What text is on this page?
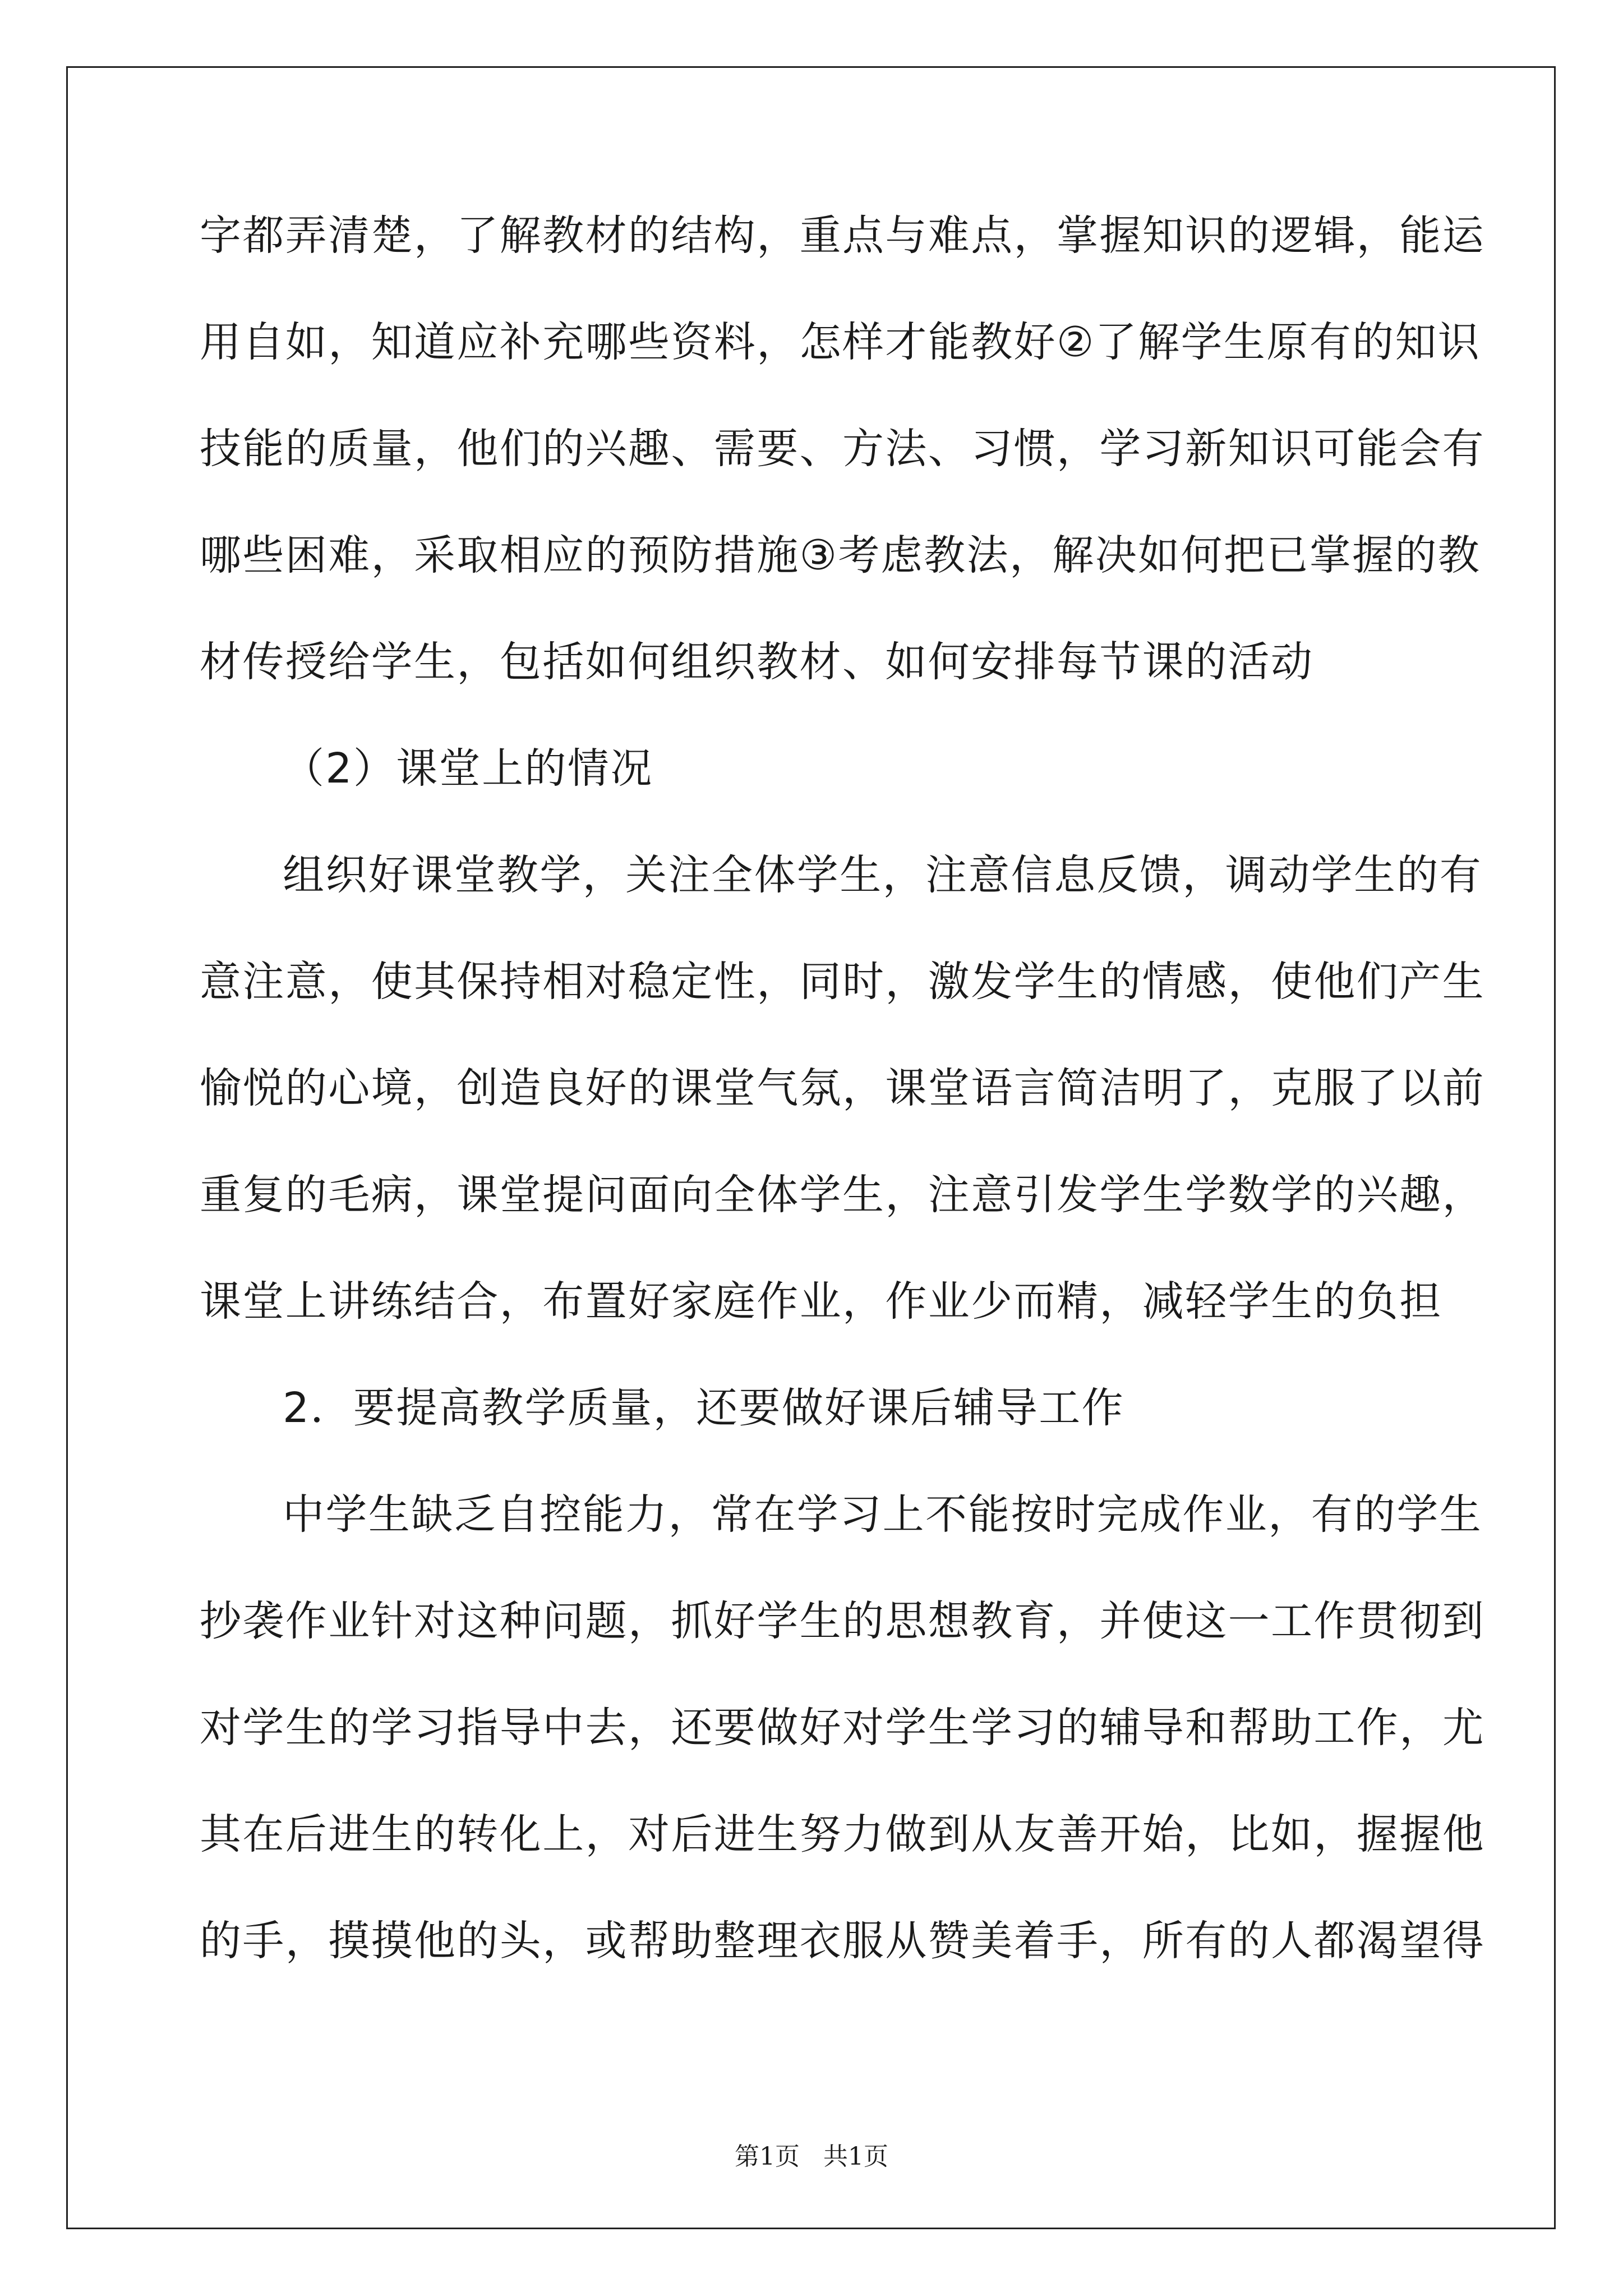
字都弄清楚，了解教材的结构，重点与难点，掌握知识的逻辑，能运
用自如，知道应补充哪些资料，怎样才能教好②了解学生原有的知识
技能的质量，他们的兴趣、需要、方法、习惯，学习新知识可能会有
哪些困难，采取相应的预防措施③考虑教法，解决如何把已掌握的教
材传授给学生，包括如何组织教材、如何安排每节课的活动
（2）课堂上的情况
组织好课堂教学，关注全体学生，注意信息反馈，调动学生的有
意注意，使其保持相对稳定性，同时，激发学生的情感，使他们产生
愉悦的心境，创造良好的课堂气氛，课堂语言简洁明了，克服了以前
重复的毛病，课堂提问面向全体学生，注意引发学生学数学的兴趣，
课堂上讲练结合，布置好家庭作业，作业少而精，减轻学生的负担
2．要提高教学质量，还要做好课后辅导工作
中学生缺乏自控能力，常在学习上不能按时完成作业，有的学生
抄袭作业针对这种问题，抓好学生的思想教育，并使这一工作贯彻到
对学生的学习指导中去，还要做好对学生学习的辅导和帮助工作，尤
其在后进生的转化上，对后进生努力做到从友善开始，比如，握握他
的手，摸摸他的头，或帮助整理衣服从赞美着手，所有的人都渴望得
第1页   共1页
